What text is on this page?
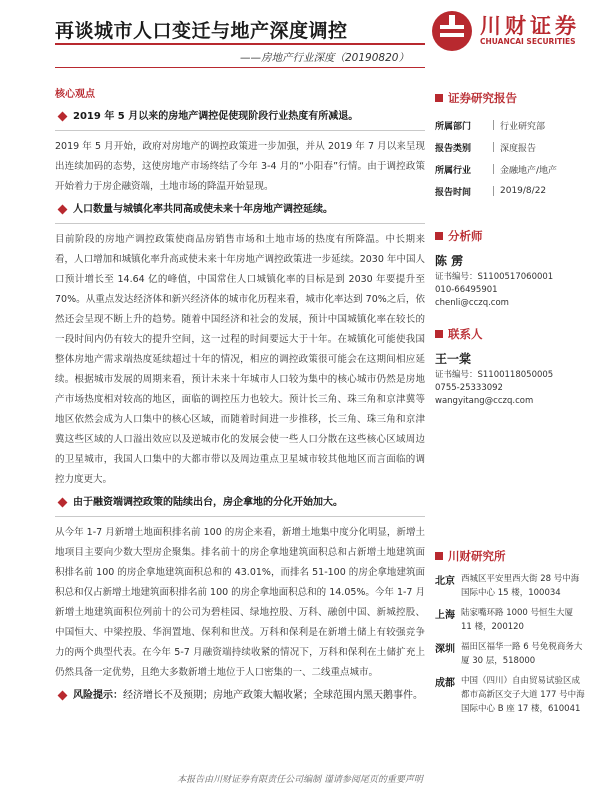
再谈城市人口变迁与地产深度调控
——房地产行业深度（20190820）
川财证券
CHUANCAI SECURITIES
核心观点
2019 年 5 月以来的房地产调控促使现阶段行业热度有所减退。
2019 年 5 月开始，政府对房地产的调控政策进一步加强，并从 2019 年 7 月以来呈现出连续加码的态势，这使房地产市场终结了今年 3-4 月的“小阳春”行情。由于调控政策开始着力于房企融资端，土地市场的降温开始显现。
人口数量与城镇化率共同高或使未来十年房地产调控延续。
目前阶段的房地产调控政策使商品房销售市场和土地市场的热度有所降温。中长期来看，人口增加和城镇化率升高或使未来十年房地产调控政策进一步延续。2030 年中国人口预计增长至 14.64 亿的峰值，中国常住人口城镇化率的目标是到 2030 年要提升至 70%。从重点发达经济体和新兴经济体的城市化历程来看，城市化率达到 70%之后，依然还会呈现不断上升的趋势。随着中国经济和社会的发展，预计中国城镇化率在较长的一段时间内仍有较大的提升空间，这一过程的时间要远大于十年。在城镇化可能使我国整体房地产需求端热度延续超过十年的情况，相应的调控政策很可能会在这期间相应延续。根据城市发展的周期来看，预计未来十年城市人口较为集中的核心城市仍然是房地产市场热度相对较高的地区，面临的调控压力也较大。预计长三角、珠三角和京津冀等地区依然会成为人口集中的核心区域，而随着时间进一步推移，长三角、珠三角和京津冀这些区域的人口溢出效应以及逆城市化的发展会使一些人口分散在这些核心区域周边的卫星城市，我国人口集中的大都市带以及周边重点卫星城市较其他地区而言面临的调控力度更大。
由于融资端调控政策的陆续出台，房企拿地的分化开始加大。
从今年 1-7 月新增土地面积排名前 100 的房企来看，新增土地集中度分化明显，新增土地项目主要向少数大型房企聚集。排名前十的房企拿地建筑面积总和占新增土地建筑面积排名前 100 的房企拿地建筑面积总和的 43.01%，而排名 51-100 的房企拿地建筑面积总和仅占新增土地建筑面积排名前 100 的房企拿地面积总和的 14.05%。今年 1-7 月新增土地建筑面积位列前十的公司为碧桂园、绿地控股、万科、融创中国、新城控股、中国恒大、中梁控股、华润置地、保利和世茂。万科和保利是在新增土储上有较强竞争力的两个典型代表。在今年 5-7 月融资端持续收紧的情况下，万科和保利在土储扩充上仍然具备一定优势，且绝大多数新增土地位于人口密集的一、二线重点城市。
风险提示：经济增长不及预期；房地产政策大幅收紧；全球范围内黑天鹅事件。
证券研究报告
所属部门	行业研究部
报告类别	深度报告
所属行业	金融地产/地产
报告时间	2019/8/22
分析师
陈 雳
证书编号：S1100517060001
010-66495901
chenli@cczq.com
联系人
王一棠
证书编号：S1100118050005
0755-25333092
wangyitang@cczq.com
川财研究所
北京 西城区平安里西大街 28 号中海国际中心 15 楼，100034
上海 陆家嘴环路 1000 号恒生大厦 11 楼，200120
深圳 福田区福华一路 6 号免税商务大厦 30 层，518000
成都 中国（四川）自由贸易试验区成都市高新区交子大道 177 号中海国际中心 B 座 17 楼，610041
本报告由川财证券有限责任公司编制 谨请参阅尾页的重要声明
